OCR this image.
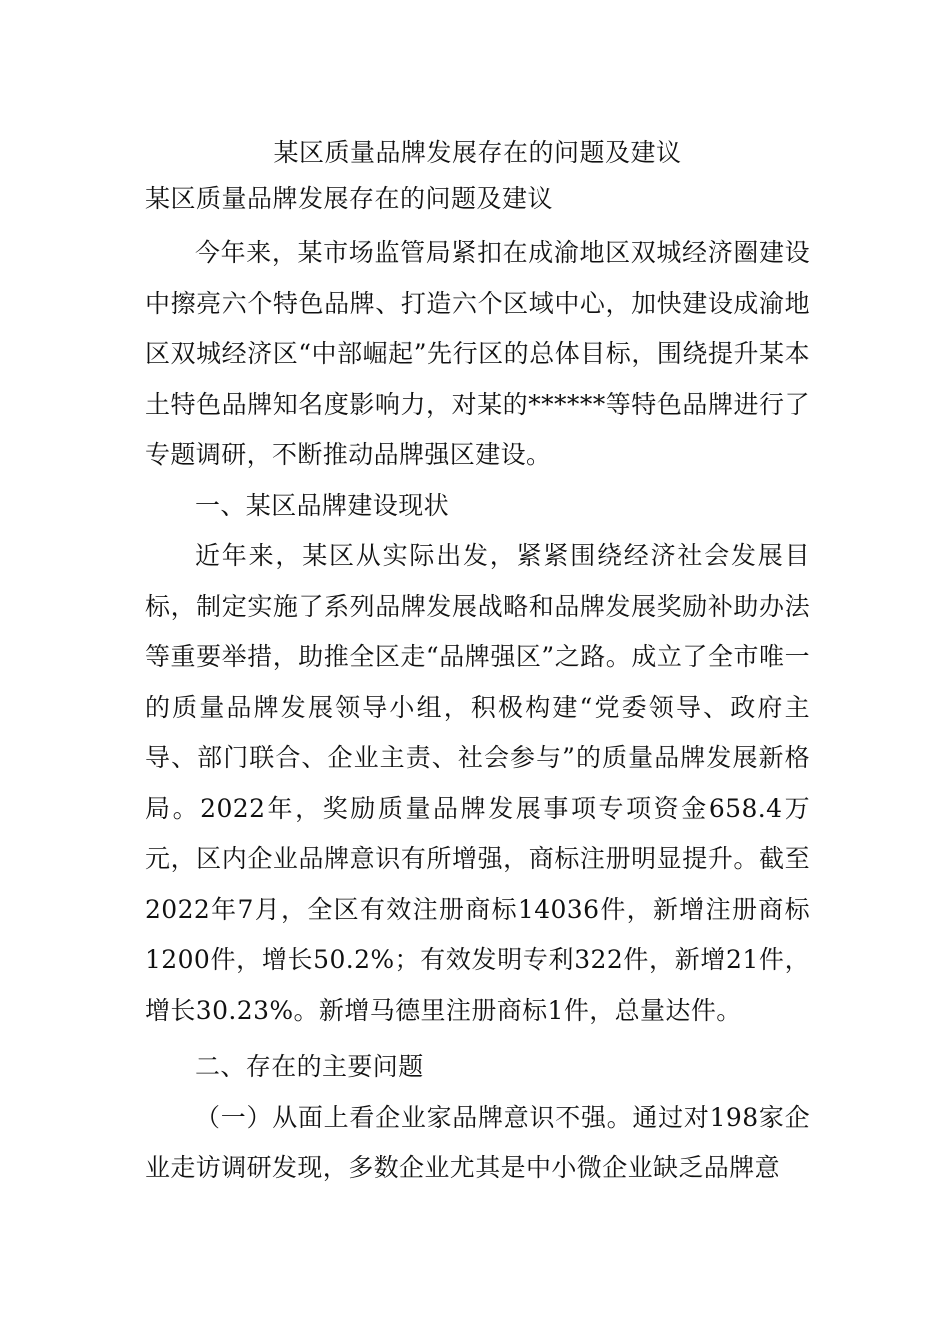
某区质量品牌发展存在的问题及建议
某区质量品牌发展存在的问题及建议

今年来，某市场监管局紧扣在成渝地区双城经济圈建设中擦亮六个特色品牌、打造六个区域中心，加快建设成渝地区双城经济区“中部崛起”先行区的总体目标，围绕提升某本土特色品牌知名度影响力，对某的******等特色品牌进行了专题调研，不断推动品牌强区建设。

一、某区品牌建设现状

近年来，某区从实际出发，紧紧围绕经济社会发展目标，制定实施了系列品牌发展战略和品牌发展奖励补助办法等重要举措，助推全区走“品牌强区”之路。成立了全市唯一的质量品牌发展领导小组，积极构建“党委领导、政府主导、部门联合、企业主责、社会参与”的质量品牌发展新格局。2022年，奖励质量品牌发展事项专项资金658.4万元，区内企业品牌意识有所增强，商标注册明显提升。截至2022年7月，全区有效注册商标14036件，新增注册商标1200件，增长50.2%；有效发明专利322件，新增21件，增长30.23%。新增马德里注册商标1件，总量达件。

二、存在的主要问题

（一）从面上看企业家品牌意识不强。通过对198家企业走访调研发现，多数企业尤其是中小微企业缺乏品牌意
